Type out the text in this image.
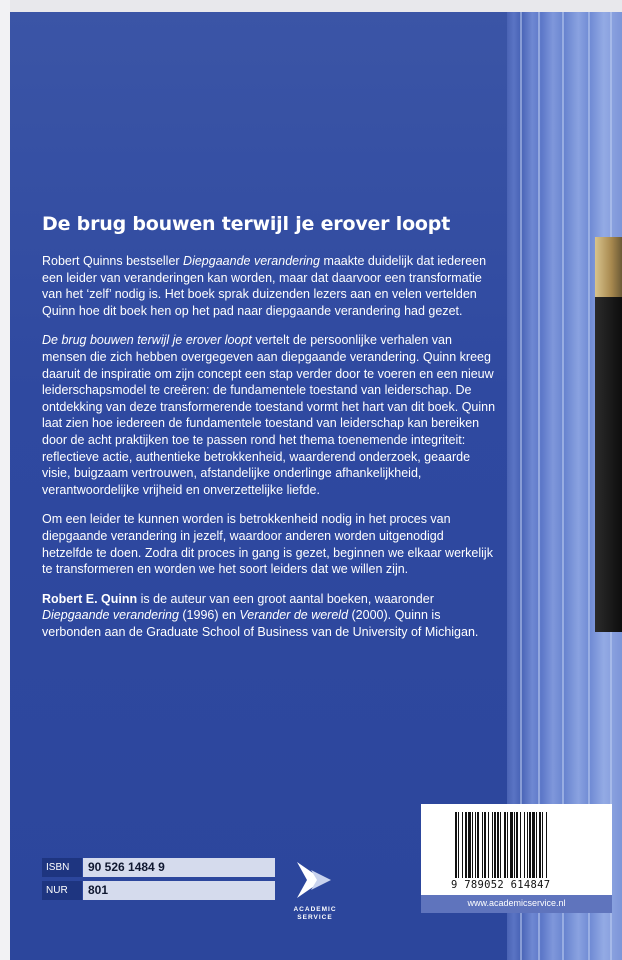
De brug bouwen terwijl je erover loopt

Robert Quinns bestseller Diepgaande verandering maakte duidelijk dat iedereen een leider van veranderingen kan worden, maar dat daarvoor een transformatie van het ‘zelf’ nodig is. Het boek sprak duizenden lezers aan en velen vertelden Quinn hoe dit boek hen op het pad naar diepgaande verandering had gezet.

De brug bouwen terwijl je erover loopt vertelt de persoonlijke verhalen van mensen die zich hebben overgegeven aan diepgaande verandering. Quinn kreeg daaruit de inspiratie om zijn concept een stap verder door te voeren en een nieuw leiderschapsmodel te creëren: de fundamentele toestand van leiderschap. De ontdekking van deze transformerende toestand vormt het hart van dit boek. Quinn laat zien hoe iedereen de fundamentele toestand van leiderschap kan bereiken door de acht praktijken toe te passen rond het thema toenemende integriteit: reflectieve actie, authentieke betrokkenheid, waarderend onderzoek, geaarde visie, buigzaam vertrouwen, afstandelijke onderlinge afhankelijkheid, verantwoordelijke vrijheid en onverzettelijke liefde.

Om een leider te kunnen worden is betrokkenheid nodig in het proces van diepgaande verandering in jezelf, waardoor anderen worden uitgenodigd hetzelfde te doen. Zodra dit proces in gang is gezet, beginnen we elkaar werkelijk te transformeren en worden we het soort leiders dat we willen zijn.

Robert E. Quinn is de auteur van een groot aantal boeken, waaronder Diepgaande verandering (1996) en Verander de wereld (2000). Quinn is verbonden aan de Graduate School of Business van de University of Michigan.

ISBN	90 526 1484 9
NUR	801
ACADEMIC
SERVICE
9 789052 614847
www.academicservice.nl
